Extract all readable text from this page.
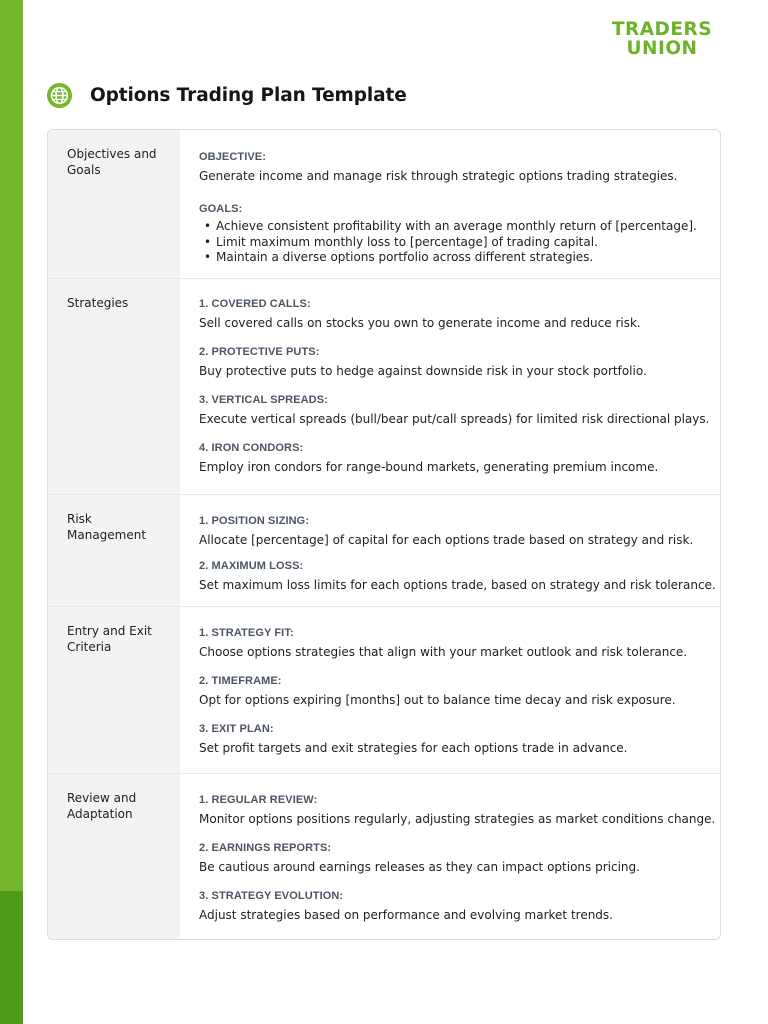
TRADERS
UNION
Options Trading Plan Template
Objectives and Goals
OBJECTIVE:
Generate income and manage risk through strategic options trading strategies.
GOALS:
• Achieve consistent profitability with an average monthly return of [percentage].
• Limit maximum monthly loss to [percentage] of trading capital.
• Maintain a diverse options portfolio across different strategies.
Strategies	1. COVERED CALLS:
Sell covered calls on stocks you own to generate income and reduce risk.
2. PROTECTIVE PUTS:
Buy protective puts to hedge against downside risk in your stock portfolio.
3. VERTICAL SPREADS:
Execute vertical spreads (bull/bear put/call spreads) for limited risk directional plays.
4. IRON CONDORS:
Employ iron condors for range-bound markets, generating premium income.
Risk Management
1. POSITION SIZING:
Allocate [percentage] of capital for each options trade based on strategy and risk.
2. MAXIMUM LOSS:
Set maximum loss limits for each options trade, based on strategy and risk tolerance.
Entry and Exit Criteria
1. STRATEGY FIT:
Choose options strategies that align with your market outlook and risk tolerance.
2. TIMEFRAME:
Opt for options expiring [months] out to balance time decay and risk exposure.
3. EXIT PLAN:
Set profit targets and exit strategies for each options trade in advance.
Review and Adaptation
1. REGULAR REVIEW:
Monitor options positions regularly, adjusting strategies as market conditions change.
2. EARNINGS REPORTS:
Be cautious around earnings releases as they can impact options pricing.
3. STRATEGY EVOLUTION:
Adjust strategies based on performance and evolving market trends.
